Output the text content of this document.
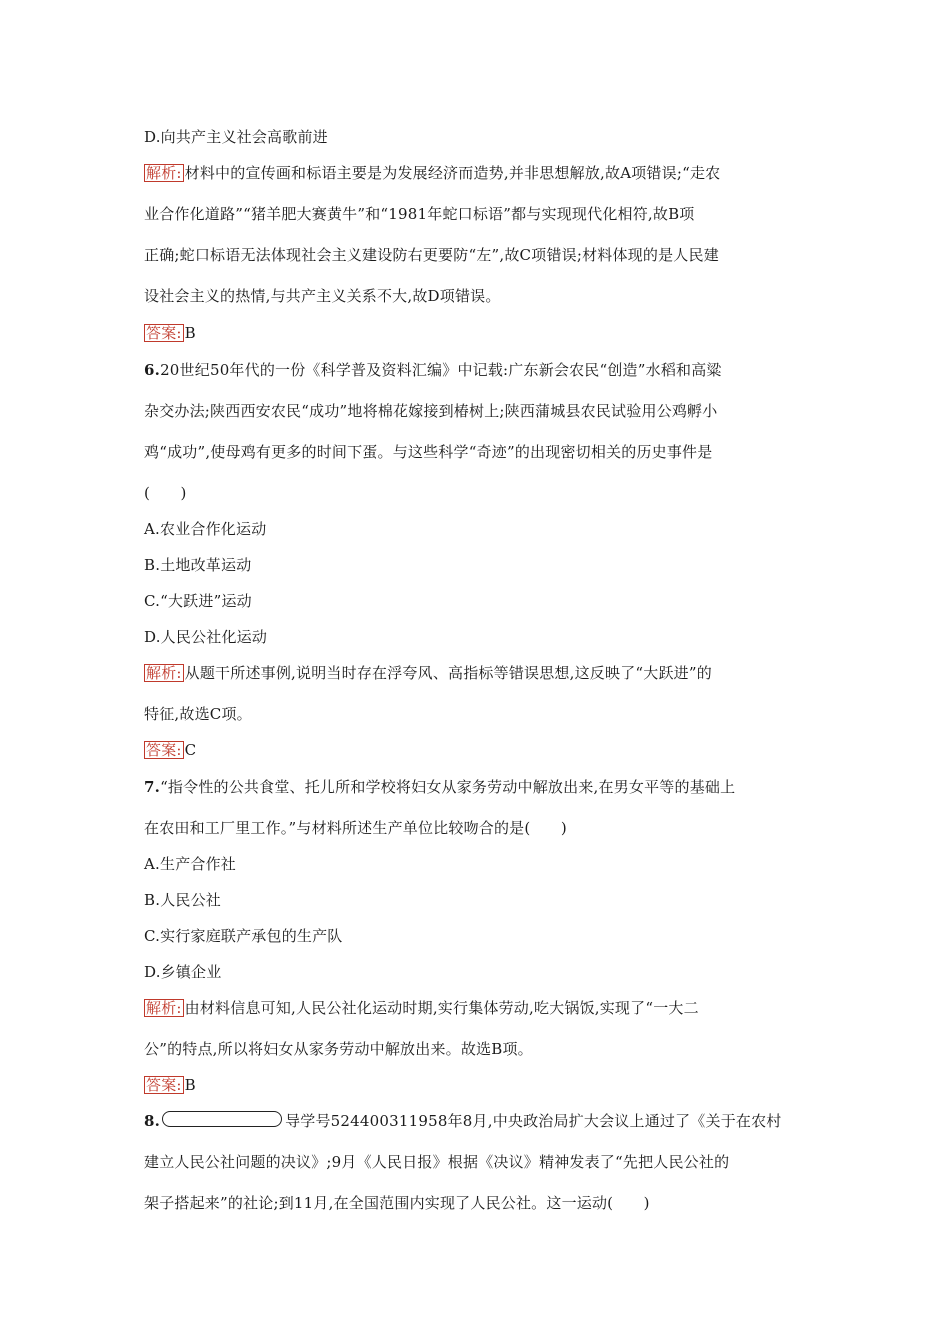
D.向共产主义社会高歌前进
解析: 材料中的宣传画和标语主要是为发展经济而造势,并非思想解放,故A项错误;“走农
业合作化道路”“猪羊肥大赛黄牛”和“1981年蛇口标语”都与实现现代化相符,故B项
正确;蛇口标语无法体现社会主义建设防右更要防“左”,故C项错误;材料体现的是人民建
设社会主义的热情,与共产主义关系不大,故D项错误。
答案: B
6.20世纪50年代的一份《科学普及资料汇编》中记载:广东新会农民“创造”水稻和高粱
杂交办法;陕西西安农民“成功”地将棉花嫁接到椿树上;陕西蒲城县农民试验用公鸡孵小
鸡“成功”,使母鸡有更多的时间下蛋。与这些科学“奇迹”的出现密切相关的历史事件是
(　　)
A.农业合作化运动
B.土地改革运动
C.“大跃进”运动
D.人民公社化运动
解析: 从题干所述事例,说明当时存在浮夸风、高指标等错误思想,这反映了“大跃进”的
特征,故选C项。
答案: C
7.“指令性的公共食堂、托儿所和学校将妇女从家务劳动中解放出来,在男女平等的基础上
在农田和工厂里工作。”与材料所述生产单位比较吻合的是(　　)
A.生产合作社
B.人民公社
C.实行家庭联产承包的生产队
D.乡镇企业
解析: 由材料信息可知,人民公社化运动时期,实行集体劳动,吃大锅饭,实现了“一大二
公”的特点,所以将妇女从家务劳动中解放出来。故选B项。
答案: B
8.	导学号524400311958年8月,中央政治局扩大会议上通过了《关于在农村
建立人民公社问题的决议》;9月《人民日报》根据《决议》精神发表了“先把人民公社的
架子搭起来”的社论;到11月,在全国范围内实现了人民公社。这一运动(　　)
